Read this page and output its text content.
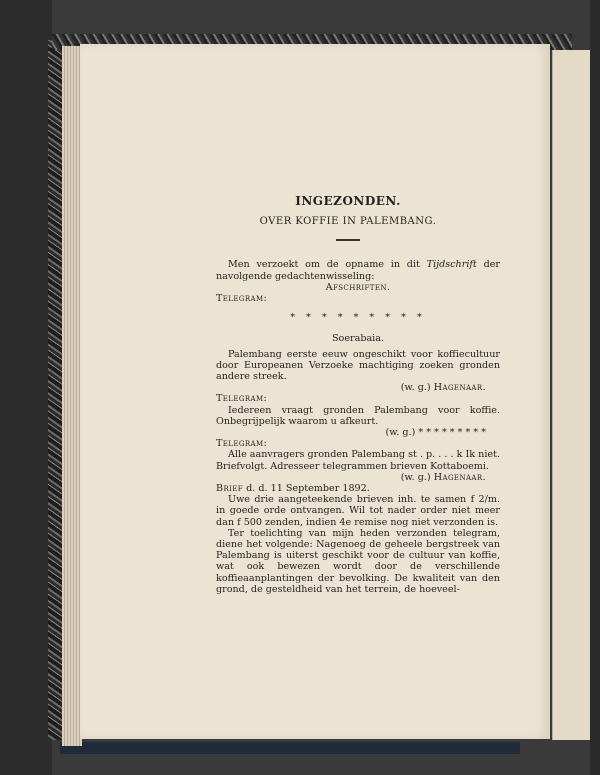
INGEZONDEN.
OVER KOFFIE IN PALEMBANG.

Men verzoekt om de opname in dit Tijdschrift der navolgende gedachtenwisseling:

Afschriften.

Telegram:

* * * * * * * * *

Soerabaia.

Palembang eerste eeuw ongeschikt voor koffiecultuur door Europeanen Verzoeke machtiging zoeken gronden andere streek.

(w. g.) Hagenaar.

Telegram:

Iedereen vraagt gronden Palembang voor koffie. Onbegrijpelijk waarom u afkeurt.

(w. g.) * * * * * * * * *

Telegram:

Alle aanvragers gronden Palembang st . p. . . . k Ik niet. Briefvolgt. Adresseer telegrammen brieven Kottaboemi.

(w. g.) Hagenaar.

Brief d. d. 11 September 1892.

Uwe drie aangeteekende brieven inh. te samen f 2/m. in goede orde ontvangen. Wil tot nader order niet meer dan f 500 zenden, indien 4e remise nog niet verzonden is.

Ter toelichting van mijn heden verzonden telegram, diene het volgende: Nagenoeg de geheele bergstreek van Palembang is uiterst geschikt voor de cultuur van koffie, wat ook bewezen wordt door de verschillende koffieaanplantingen der bevolking. De kwaliteit van den grond, de gesteldheid van het terrein, de hoeveel-
